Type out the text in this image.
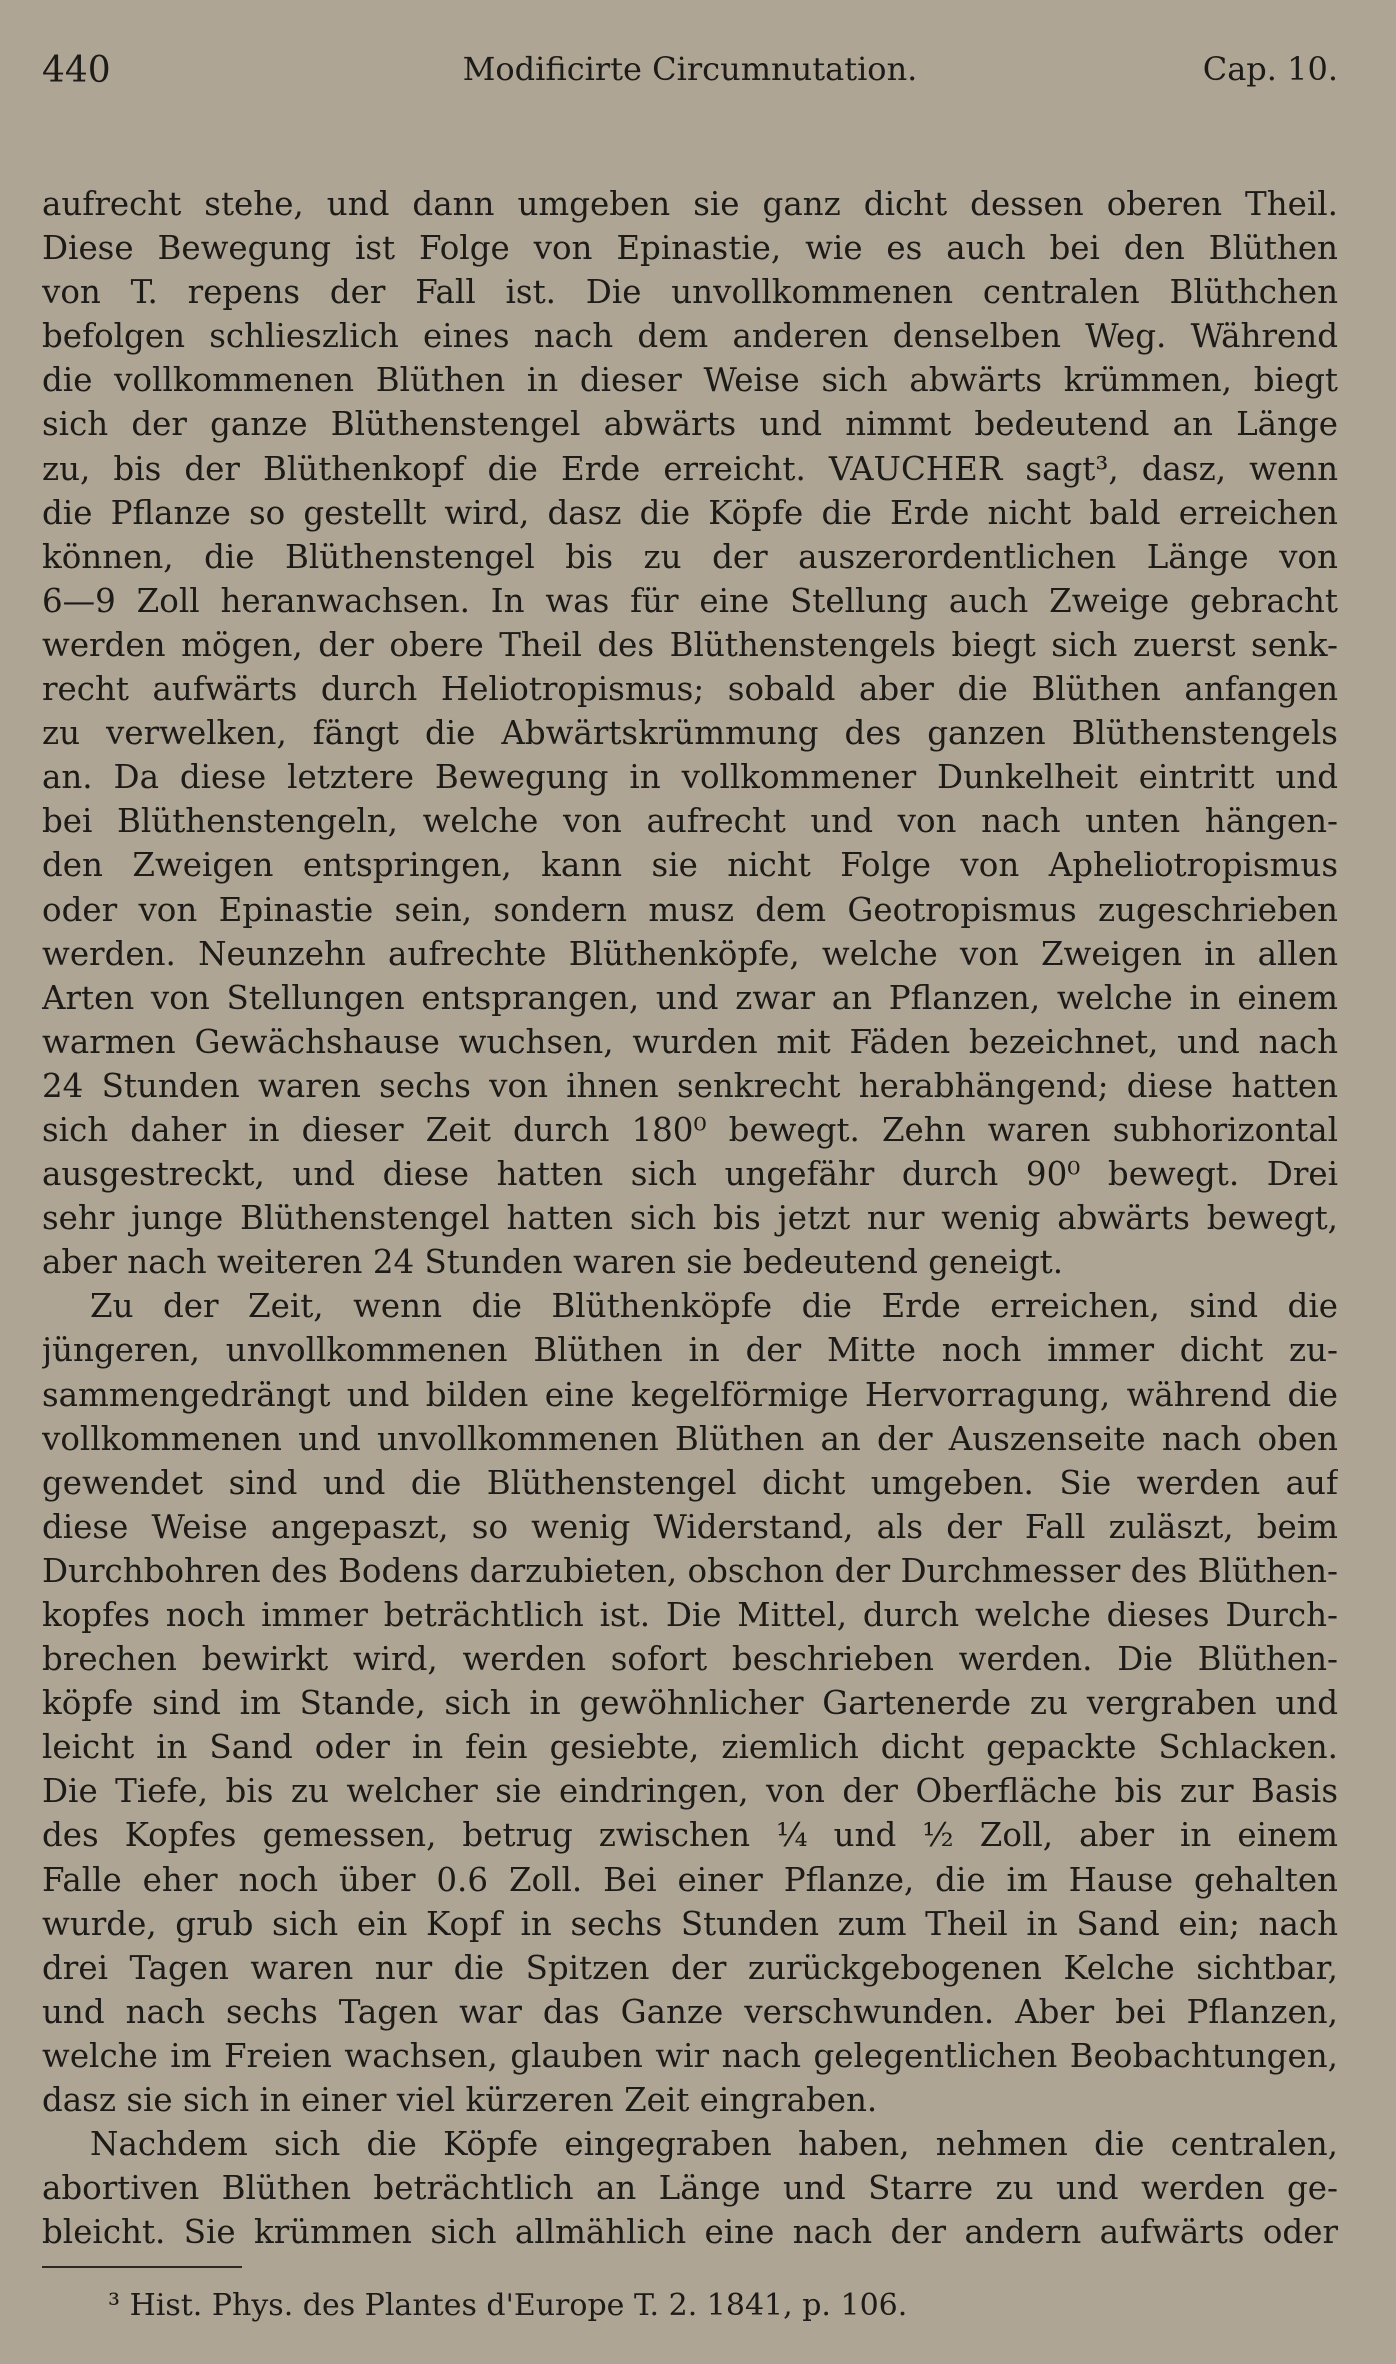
440	Modificirte Circumnutation.	Cap. 10.
aufrecht stehe, und dann umgeben sie ganz dicht dessen oberen Theil.
Diese Bewegung ist Folge von Epinastie, wie es auch bei den Blüthen
von T. repens der Fall ist. Die unvollkommenen centralen Blüthchen
befolgen schlieszlich eines nach dem anderen denselben Weg. Während
die vollkommenen Blüthen in dieser Weise sich abwärts krümmen, biegt
sich der ganze Blüthenstengel abwärts und nimmt bedeutend an Länge
zu, bis der Blüthenkopf die Erde erreicht. VAUCHER sagt³, dasz, wenn
die Pflanze so gestellt wird, dasz die Köpfe die Erde nicht bald erreichen
können, die Blüthenstengel bis zu der auszerordentlichen Länge von
6—9 Zoll heranwachsen. In was für eine Stellung auch Zweige gebracht
werden mögen, der obere Theil des Blüthenstengels biegt sich zuerst senk-
recht aufwärts durch Heliotropismus; sobald aber die Blüthen anfangen
zu verwelken, fängt die Abwärtskrümmung des ganzen Blüthenstengels
an. Da diese letztere Bewegung in vollkommener Dunkelheit eintritt und
bei Blüthenstengeln, welche von aufrecht und von nach unten hängen-
den Zweigen entspringen, kann sie nicht Folge von Apheliotropismus
oder von Epinastie sein, sondern musz dem Geotropismus zugeschrieben
werden. Neunzehn aufrechte Blüthenköpfe, welche von Zweigen in allen
Arten von Stellungen entsprangen, und zwar an Pflanzen, welche in einem
warmen Gewächshause wuchsen, wurden mit Fäden bezeichnet, und nach
24 Stunden waren sechs von ihnen senkrecht herabhängend; diese hatten
sich daher in dieser Zeit durch 180⁰ bewegt. Zehn waren subhorizontal
ausgestreckt, und diese hatten sich ungefähr durch 90⁰ bewegt. Drei
sehr junge Blüthenstengel hatten sich bis jetzt nur wenig abwärts bewegt,
aber nach weiteren 24 Stunden waren sie bedeutend geneigt.
Zu der Zeit, wenn die Blüthenköpfe die Erde erreichen, sind die
jüngeren, unvollkommenen Blüthen in der Mitte noch immer dicht zu-
sammengedrängt und bilden eine kegelförmige Hervorragung, während die
vollkommenen und unvollkommenen Blüthen an der Auszenseite nach oben
gewendet sind und die Blüthenstengel dicht umgeben. Sie werden auf
diese Weise angepaszt, so wenig Widerstand, als der Fall zuläszt, beim
Durchbohren des Bodens darzubieten, obschon der Durchmesser des Blüthen-
kopfes noch immer beträchtlich ist. Die Mittel, durch welche dieses Durch-
brechen bewirkt wird, werden sofort beschrieben werden. Die Blüthen-
köpfe sind im Stande, sich in gewöhnlicher Gartenerde zu vergraben und
leicht in Sand oder in fein gesiebte, ziemlich dicht gepackte Schlacken.
Die Tiefe, bis zu welcher sie eindringen, von der Oberfläche bis zur Basis
des Kopfes gemessen, betrug zwischen ¼ und ½ Zoll, aber in einem
Falle eher noch über 0.6 Zoll. Bei einer Pflanze, die im Hause gehalten
wurde, grub sich ein Kopf in sechs Stunden zum Theil in Sand ein; nach
drei Tagen waren nur die Spitzen der zurückgebogenen Kelche sichtbar,
und nach sechs Tagen war das Ganze verschwunden. Aber bei Pflanzen,
welche im Freien wachsen, glauben wir nach gelegentlichen Beobachtungen,
dasz sie sich in einer viel kürzeren Zeit eingraben.
Nachdem sich die Köpfe eingegraben haben, nehmen die centralen,
abortiven Blüthen beträchtlich an Länge und Starre zu und werden ge-
bleicht. Sie krümmen sich allmählich eine nach der andern aufwärts oder
³ Hist. Phys. des Plantes d'Europe T. 2. 1841, p. 106.
